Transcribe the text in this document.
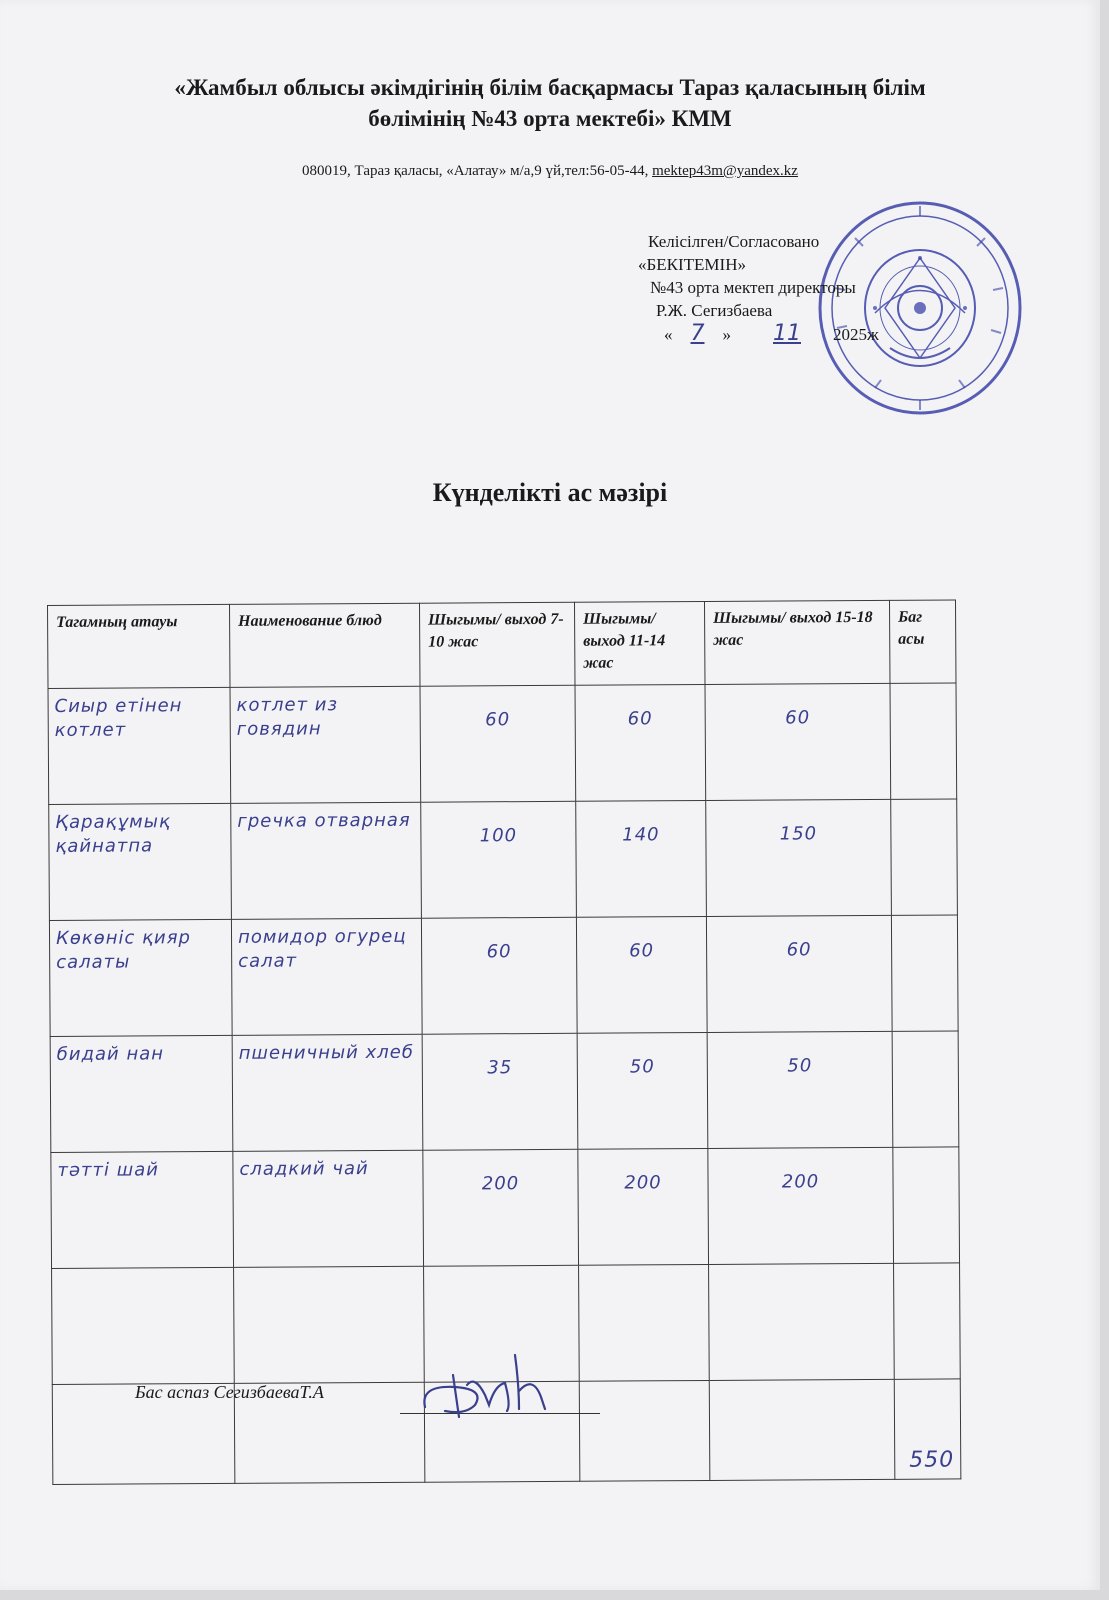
«Жамбыл облысы әкімдігінің білім басқармасы Тараз қаласының білім
бөлімінің №43 орта мектебі» КММ
080019, Тараз қаласы, «Алатау» м/а,9 үй,тел:56-05-44, mektep43m@yandex.kz
Келісілген/Согласовано
«БЕКІТЕМІН»
№43 орта мектеп директоры
Р.Ж. Сегизбаева
« 7 » 11 2025ж
Күнделікті ас мәзірі
Тагамның атауы	Наименование блюд	Шыгымы/ выход 7-10 жас	Шыгымы/ выход 11-14 жас	Шыгымы/ выход 15-18 жас	Баг асы
Сиыр етінен котлет	котлет из говядин	60	60	60	
Қарақұмық қайнатпа	гречка отварная	100	140	150	
Көкөніс қияр салаты	помидор огурец салат	60	60	60	
бидай нан	пшеничный хлеб	35	50	50	
тәтті шай	сладкий чай	200	200	200	

					550
Бас аспаз СегизбаеваТ.А
